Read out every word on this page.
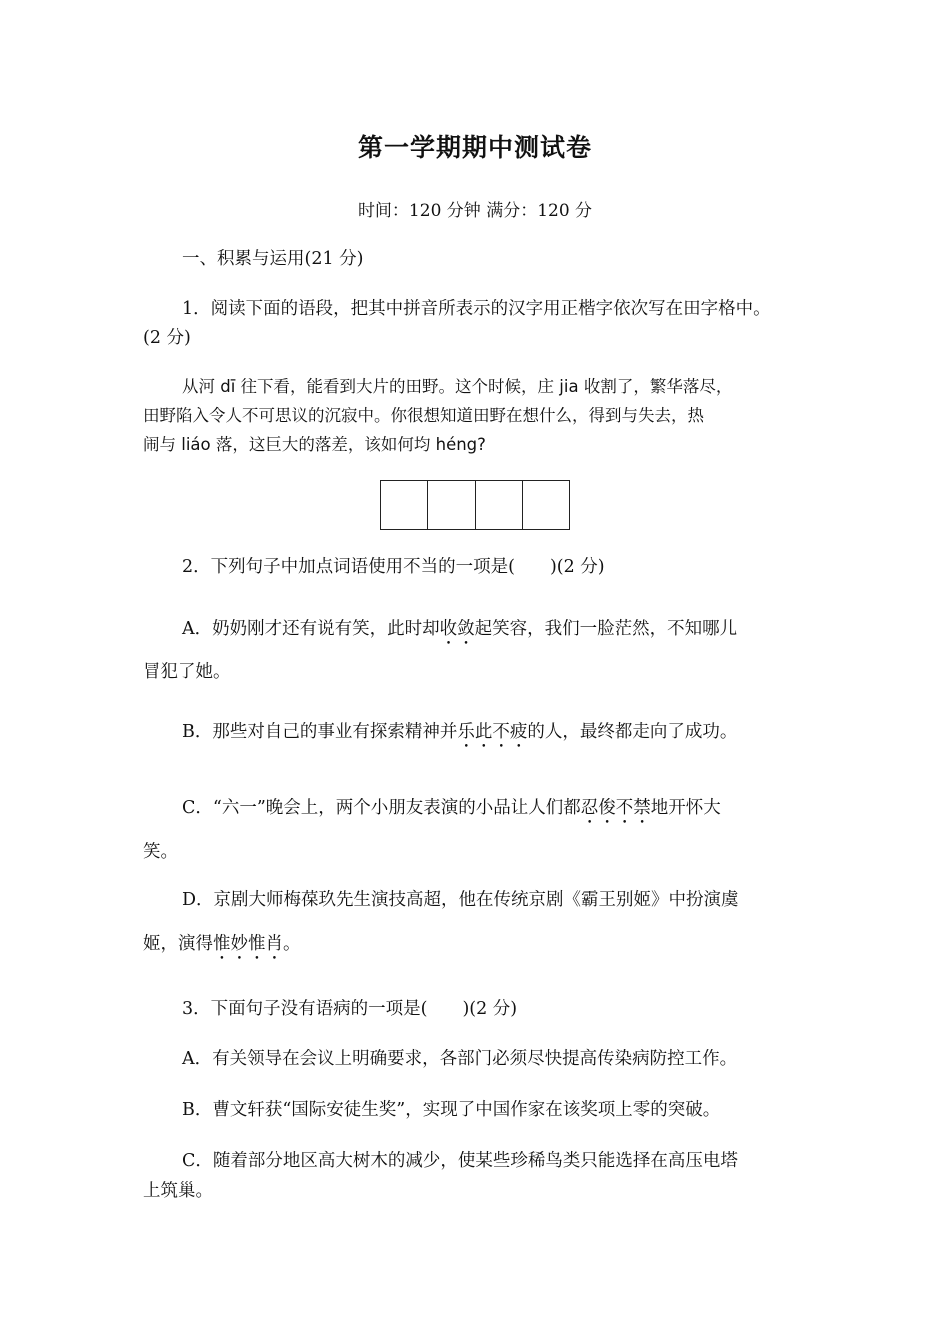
第一学期期中测试卷
时间：120 分钟 满分：120 分
一、积累与运用(21 分)
1．阅读下面的语段，把其中拼音所表示的汉字用正楷字依次写在田字格中。
(2 分)
从河 dī 往下看，能看到大片的田野。这个时候，庄 jia 收割了，繁华落尽，
田野陷入令人不可思议的沉寂中。你很想知道田野在想什么，得到与失去，热
闹与 liáo 落，这巨大的落差，该如何均 héng?
2．下列句子中加点词语使用不当的一项是(　　)(2 分)
A．奶奶刚才还有说有笑，此时却收敛起笑容，我们一脸茫然，不知哪儿
冒犯了她。
B．那些对自己的事业有探索精神并乐此不疲的人，最终都走向了成功。
C．“六一”晚会上，两个小朋友表演的小品让人们都忍俊不禁地开怀大
笑。
D．京剧大师梅葆玖先生演技高超，他在传统京剧《霸王别姬》中扮演虞
姬，演得惟妙惟肖。
3．下面句子没有语病的一项是(　　)(2 分)
A．有关领导在会议上明确要求，各部门必须尽快提高传染病防控工作。
B．曹文轩获“国际安徒生奖”，实现了中国作家在该奖项上零的突破。
C．随着部分地区高大树木的减少，使某些珍稀鸟类只能选择在高压电塔
上筑巢。
